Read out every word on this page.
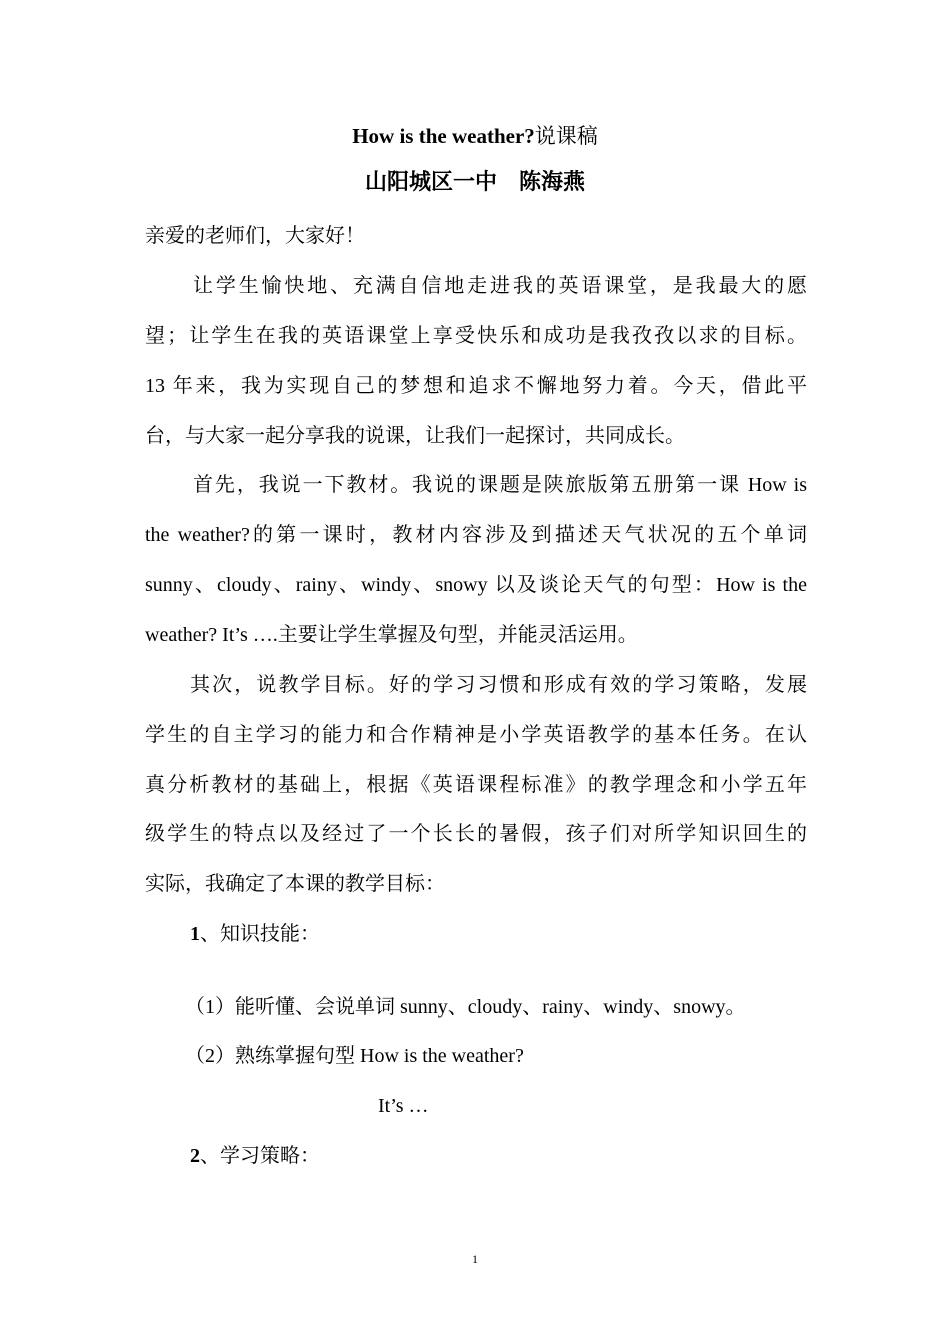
How is the weather?说课稿
山阳城区一中　陈海燕
亲爱的老师们，大家好！
让学生愉快地、充满自信地走进我的英语课堂，是我最大的愿
望；让学生在我的英语课堂上享受快乐和成功是我孜孜以求的目标。
13 年来，我为实现自己的梦想和追求不懈地努力着。今天，借此平
台，与大家一起分享我的说课，让我们一起探讨，共同成长。
首先，我说一下教材。我说的课题是陕旅版第五册第一课 How is
the weather?的第一课时，教材内容涉及到描述天气状况的五个单词
sunny、cloudy、rainy、windy、snowy 以及谈论天气的句型：How is the
weather? It’s ….主要让学生掌握及句型，并能灵活运用。
其次，说教学目标。好的学习习惯和形成有效的学习策略，发展
学生的自主学习的能力和合作精神是小学英语教学的基本任务。在认
真分析教材的基础上，根据《英语课程标准》的教学理念和小学五年
级学生的特点以及经过了一个长长的暑假，孩子们对所学知识回生的
实际，我确定了本课的教学目标：
1、知识技能：
（1）能听懂、会说单词 sunny、cloudy、rainy、windy、snowy。
（2）熟练掌握句型 How is the weather?
It’s …
2、学习策略：
1
